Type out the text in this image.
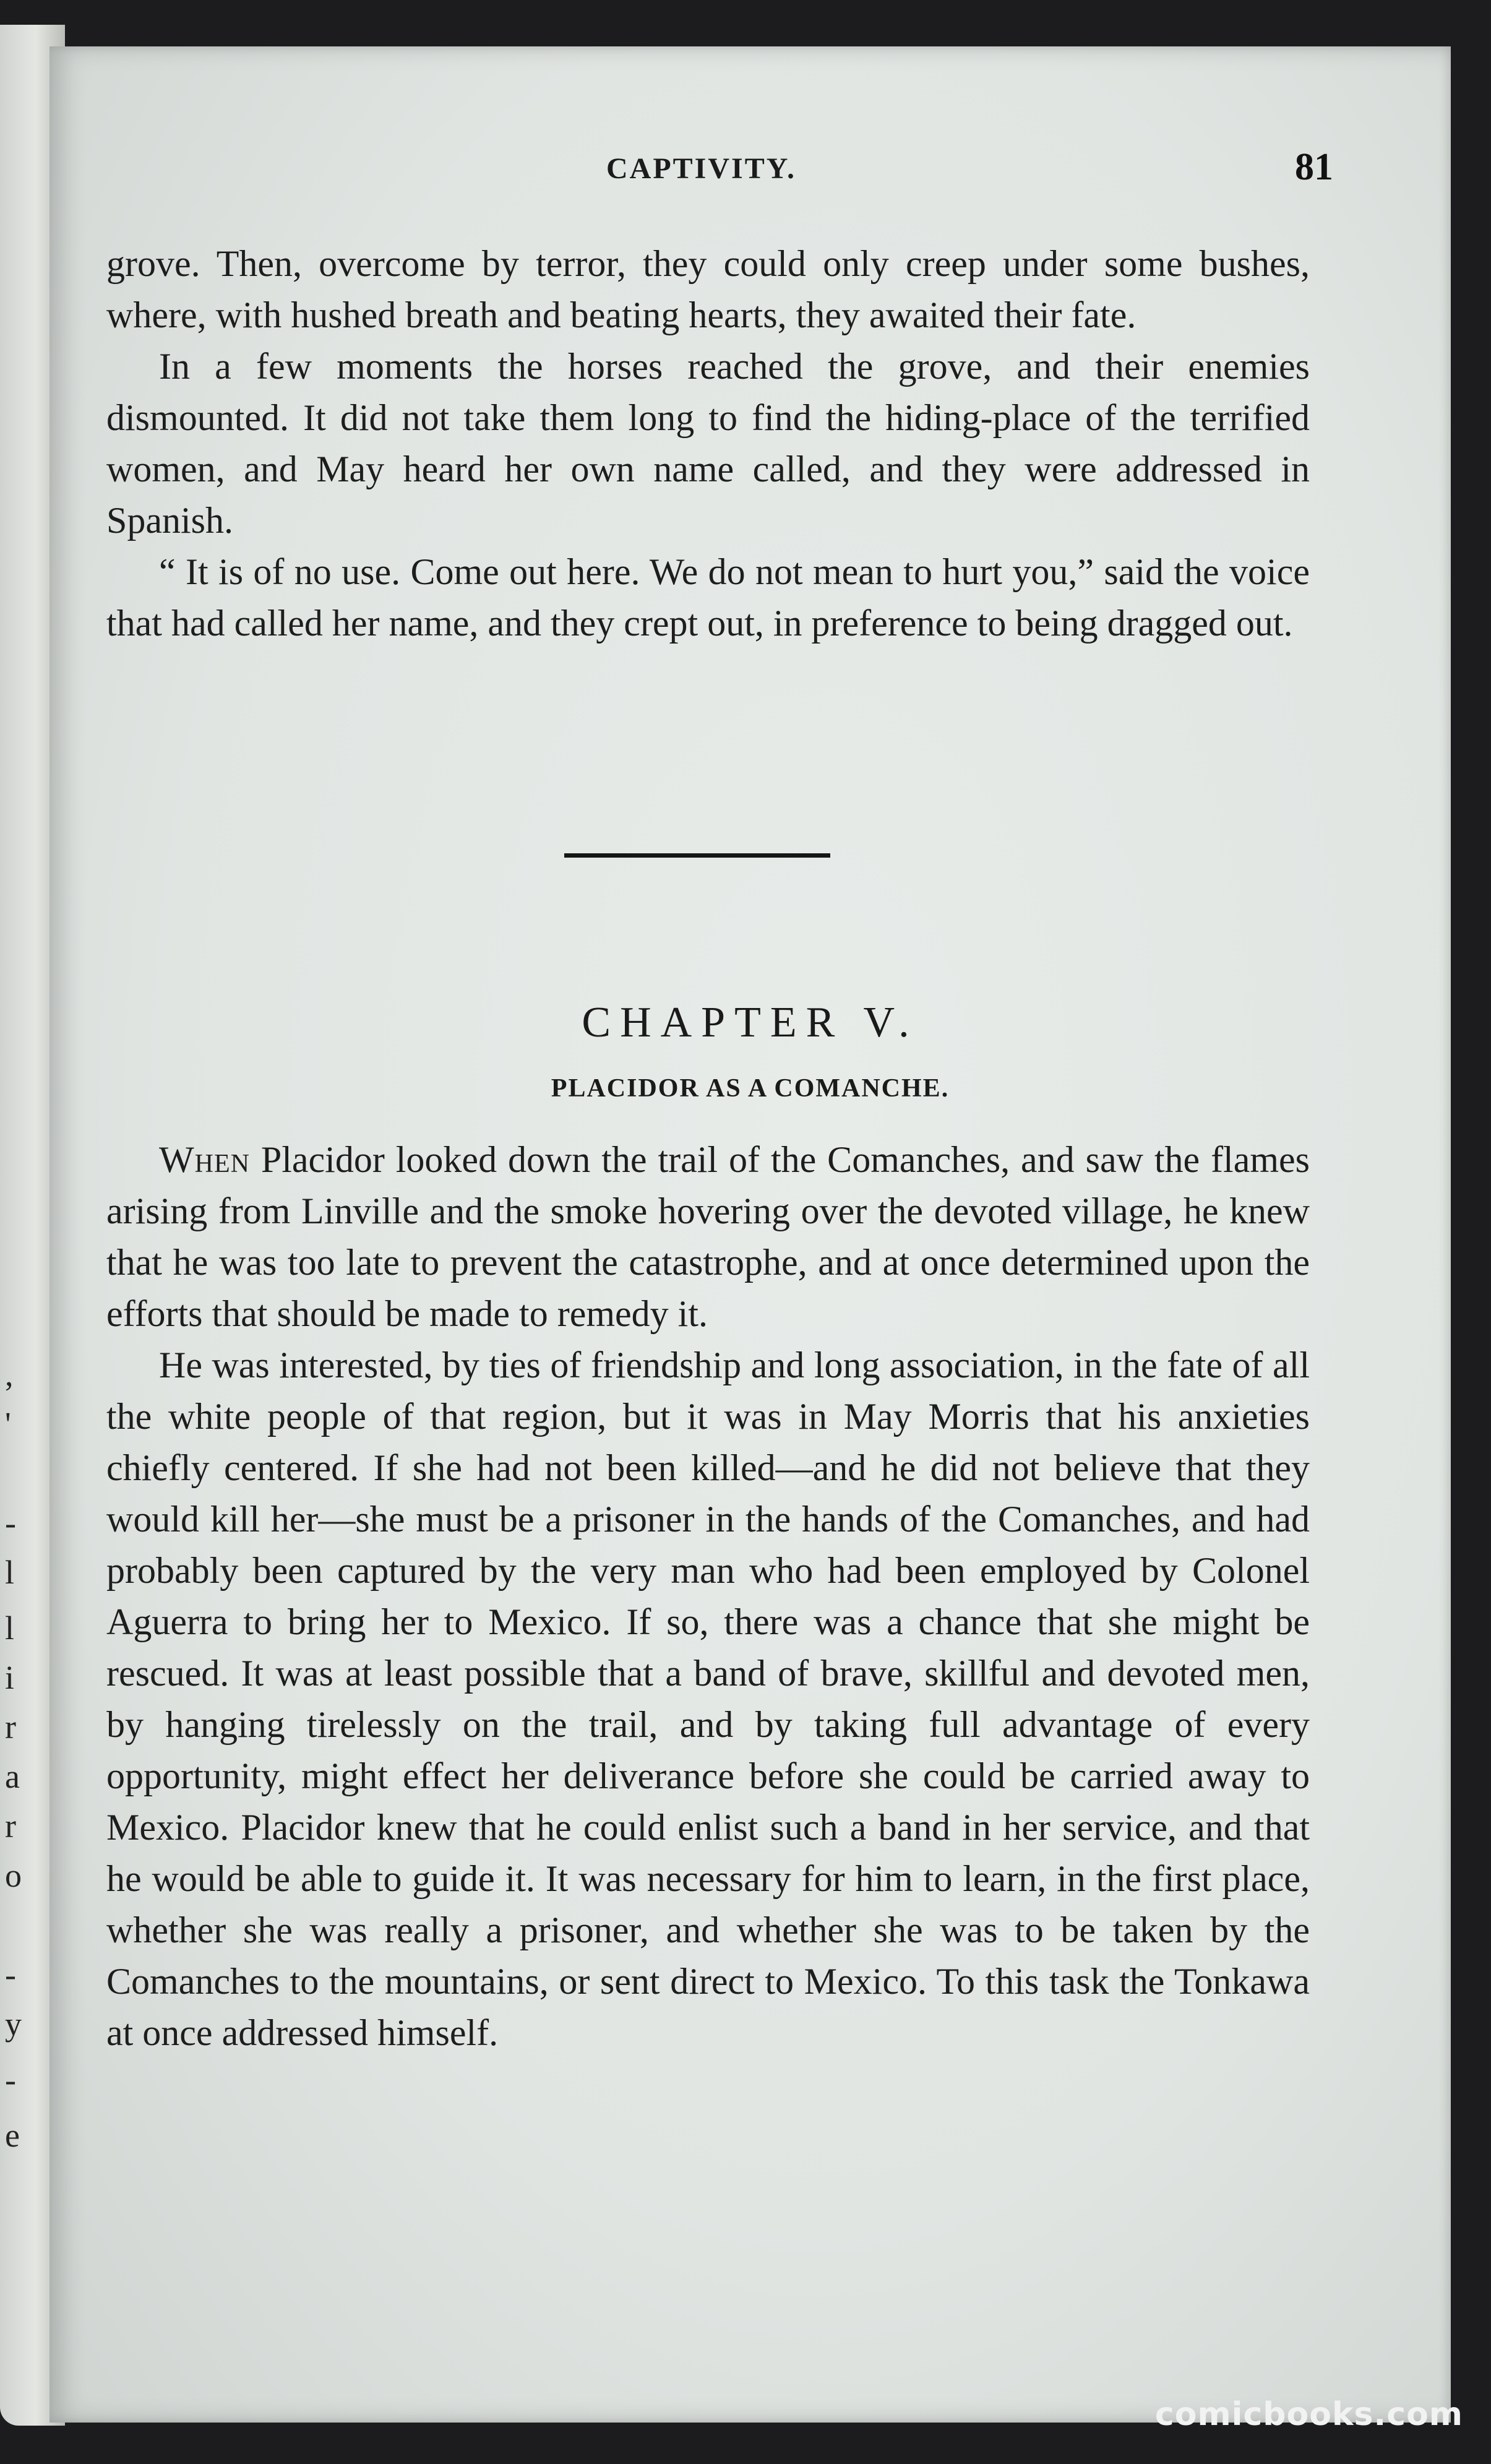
,
'
-
l
l
i
r
a
r
o
-
y
-
e
CAPTIVITY.	81

grove. Then, overcome by terror, they could only creep under some bushes, where, with hushed breath and beating hearts, they awaited their fate.

In a few moments the horses reached the grove, and their enemies dismounted. It did not take them long to find the hiding-place of the terrified women, and May heard her own name called, and they were addressed in Spanish.

“ It is of no use. Come out here. We do not mean to hurt you,” said the voice that had called her name, and they crept out, in preference to being dragged out.

CHAPTER V.
PLACIDOR AS A COMANCHE.

When Placidor looked down the trail of the Comanches, and saw the flames arising from Linville and the smoke hovering over the devoted village, he knew that he was too late to prevent the catastrophe, and at once determined upon the efforts that should be made to remedy it.

He was interested, by ties of friendship and long association, in the fate of all the white people of that region, but it was in May Morris that his anxieties chiefly centered. If she had not been killed—and he did not believe that they would kill her—she must be a prisoner in the hands of the Comanches, and had probably been captured by the very man who had been employed by Colonel Aguerra to bring her to Mexico. If so, there was a chance that she might be rescued. It was at least possible that a band of brave, skillful and devoted men, by hanging tirelessly on the trail, and by taking full advantage of every opportunity, might effect her deliverance before she could be carried away to Mexico. Placidor knew that he could enlist such a band in her service, and that he would be able to guide it. It was necessary for him to learn, in the first place, whether she was really a prisoner, and whether she was to be taken by the Comanches to the mountains, or sent direct to Mexico. To this task the Tonkawa at once addressed himself.

comicbooks.com
